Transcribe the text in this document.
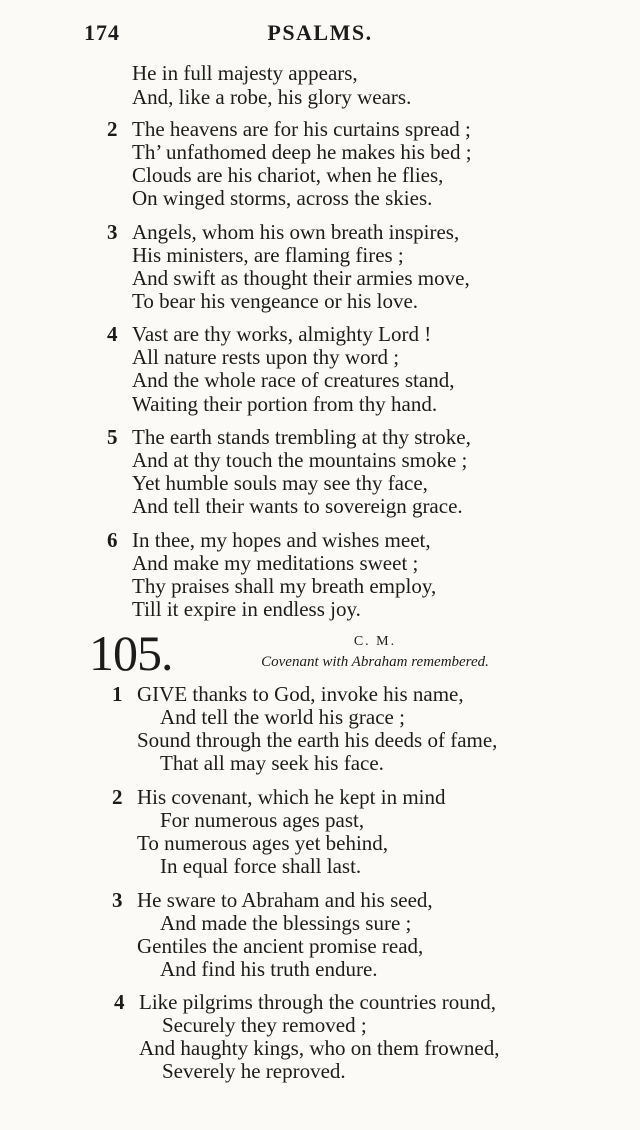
174	PSALMS.
He in full majesty appears,
And, like a robe, his glory wears.
2 The heavens are for his curtains spread ;
Th’ unfathomed deep he makes his bed ;
Clouds are his chariot, when he flies,
On winged storms, across the skies.
3 Angels, whom his own breath inspires,
His ministers, are flaming fires ;
And swift as thought their armies move,
To bear his vengeance or his love.
4 Vast are thy works, almighty Lord !
All nature rests upon thy word ;
And the whole race of creatures stand,
Waiting their portion from thy hand.
5 The earth stands trembling at thy stroke,
And at thy touch the mountains smoke ;
Yet humble souls may see thy face,
And tell their wants to sovereign grace.
6 In thee, my hopes and wishes meet,
And make my meditations sweet ;
Thy praises shall my breath employ,
Till it expire in endless joy.
105.	C. M.
Covenant with Abraham remembered.
1 GIVE thanks to God, invoke his name,
And tell the world his grace ;
Sound through the earth his deeds of fame,
That all may seek his face.
2 His covenant, which he kept in mind
For numerous ages past,
To numerous ages yet behind,
In equal force shall last.
3 He sware to Abraham and his seed,
And made the blessings sure ;
Gentiles the ancient promise read,
And find his truth endure.
4 Like pilgrims through the countries round,
Securely they removed ;
And haughty kings, who on them frowned,
Severely he reproved.
